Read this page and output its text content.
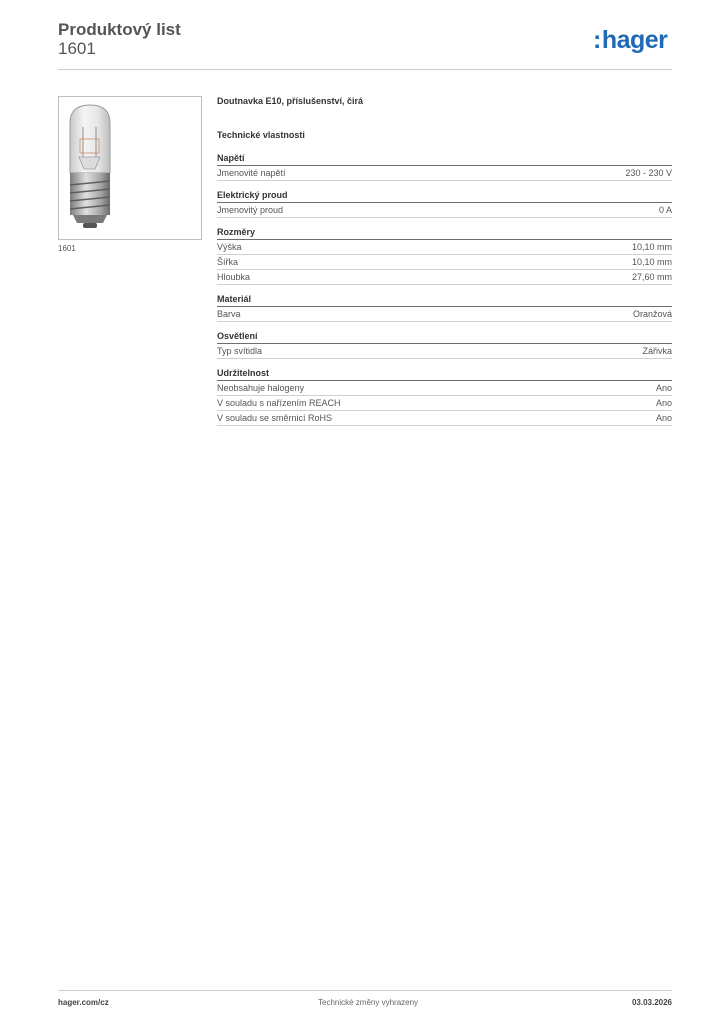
Produktový list
1601	:hager
1601
Doutnavka E10, příslušenství, čirá
Technické vlastnosti
Napětí
Jmenovité napětí	230 - 230 V
Elektrický proud
Jmenovitý proud	0 A
Rozměry
Výška	10,10 mm
Šířka	10,10 mm
Hloubka	27,60 mm
Materiál
Barva	Oranžová
Osvětlení
Typ svítidla	Zářivka
Udržitelnost
Neobsahuje halogeny	Ano
V souladu s nařízením REACH	Ano
V souladu se směrnicí RoHS	Ano
hager.com/cz	Technické změny vyhrazeny	03.03.2026
